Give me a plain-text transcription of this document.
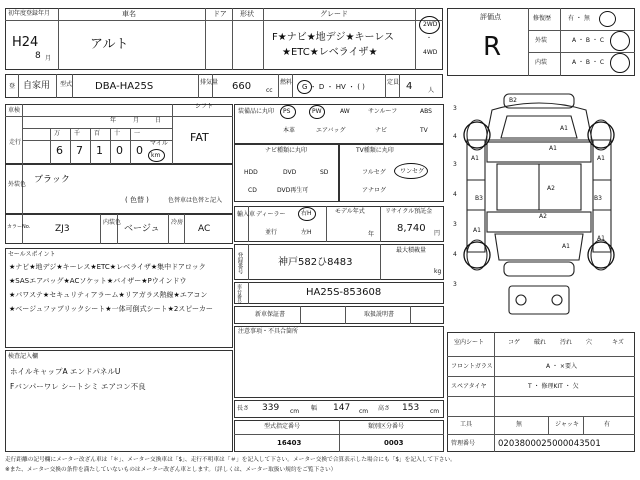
初年度登録年月
H24
8 月
車名
アルト
ドア 形状	グレード
F★ナビ★地デジ★キーレス
★ETC★レベライザ★
2WD
・
4WD
登 自家用 型式 DBA-HA25S	排気量 660 cc
燃料
G ・ D ・ HV ・ ( )
定員 4	人
車検
年	月	日
シフト
FAT
走行
万 千 百 十 一
6 7 1 0 0
マイル
km
外装色 ブラック
( 色替 )	色替車は色替と記入
カラーNo.	ZJ3
内装色
ベージュ
冷房
AC
セールスポイント
★ナビ★地デジ★キーレス★ETC★レベライザ★集中ドアロック
★SASエアバッグ★ACソケット★バイザー★Pウインドウ
★パワステ★セキュリティアラーム★リアガラス熱線★エアコン
★ベージュファブリックシート★一体可倒式シート★2スピーカー
検査記入欄
ホイルキャップA エンドパネルU
Fバンパーワレ シートシミ エアコン不良
装備品に丸印 PS	PW	AW	サンルーフ	ABS
本革	エアバッグ	ナビ	TV
ナビ種類に丸印	TV種類に丸印
HDD	DVD	SD
CD	DVD再生可
フルセグ ワンセグ
アナログ
輸入車 ディーラー	右H
並行	左H
モデル年式
年
リサイクル預託金
8,740 円
登録番号	神戸582ひ8483
最大積載量
kg
車台番号	HA25S-853608
新車保証書	取扱説明書
注意事項・不具合箇所
長さ 339 cm 幅 147 cm 高さ 153 cm
型式指定番号
16403
類別区分番号
0003
評価点
R
修復歴	有 ・ 無
外装	A ・ B ・ C
内装	A ・ B ・ C
B2
A1
A1
A1	A1
A2
B3	B3
A1
A2
A1
A1
3
4
3
4
3
4
3
室内シート	コゲ 破れ 汚れ 穴	キズ
フロントガラス	A ・ ×要入
スペアタイヤ	T ・ 修理KIT ・ 欠
工具	無	ジャッキ	有
管理番号	0203800025000043501
走行距離の記号欄にメーター改ざん車は「＊」、メーター交換車は「$」、走行不明車は「＃」を記入して下さい。メーター交換で合算表示した場合にも「$」を記入して下さい。
※また、メーター交換の条件を満たしていないものはメーター改ざん車とします。（詳しくは、メーター取扱い規約をご覧下さい）
